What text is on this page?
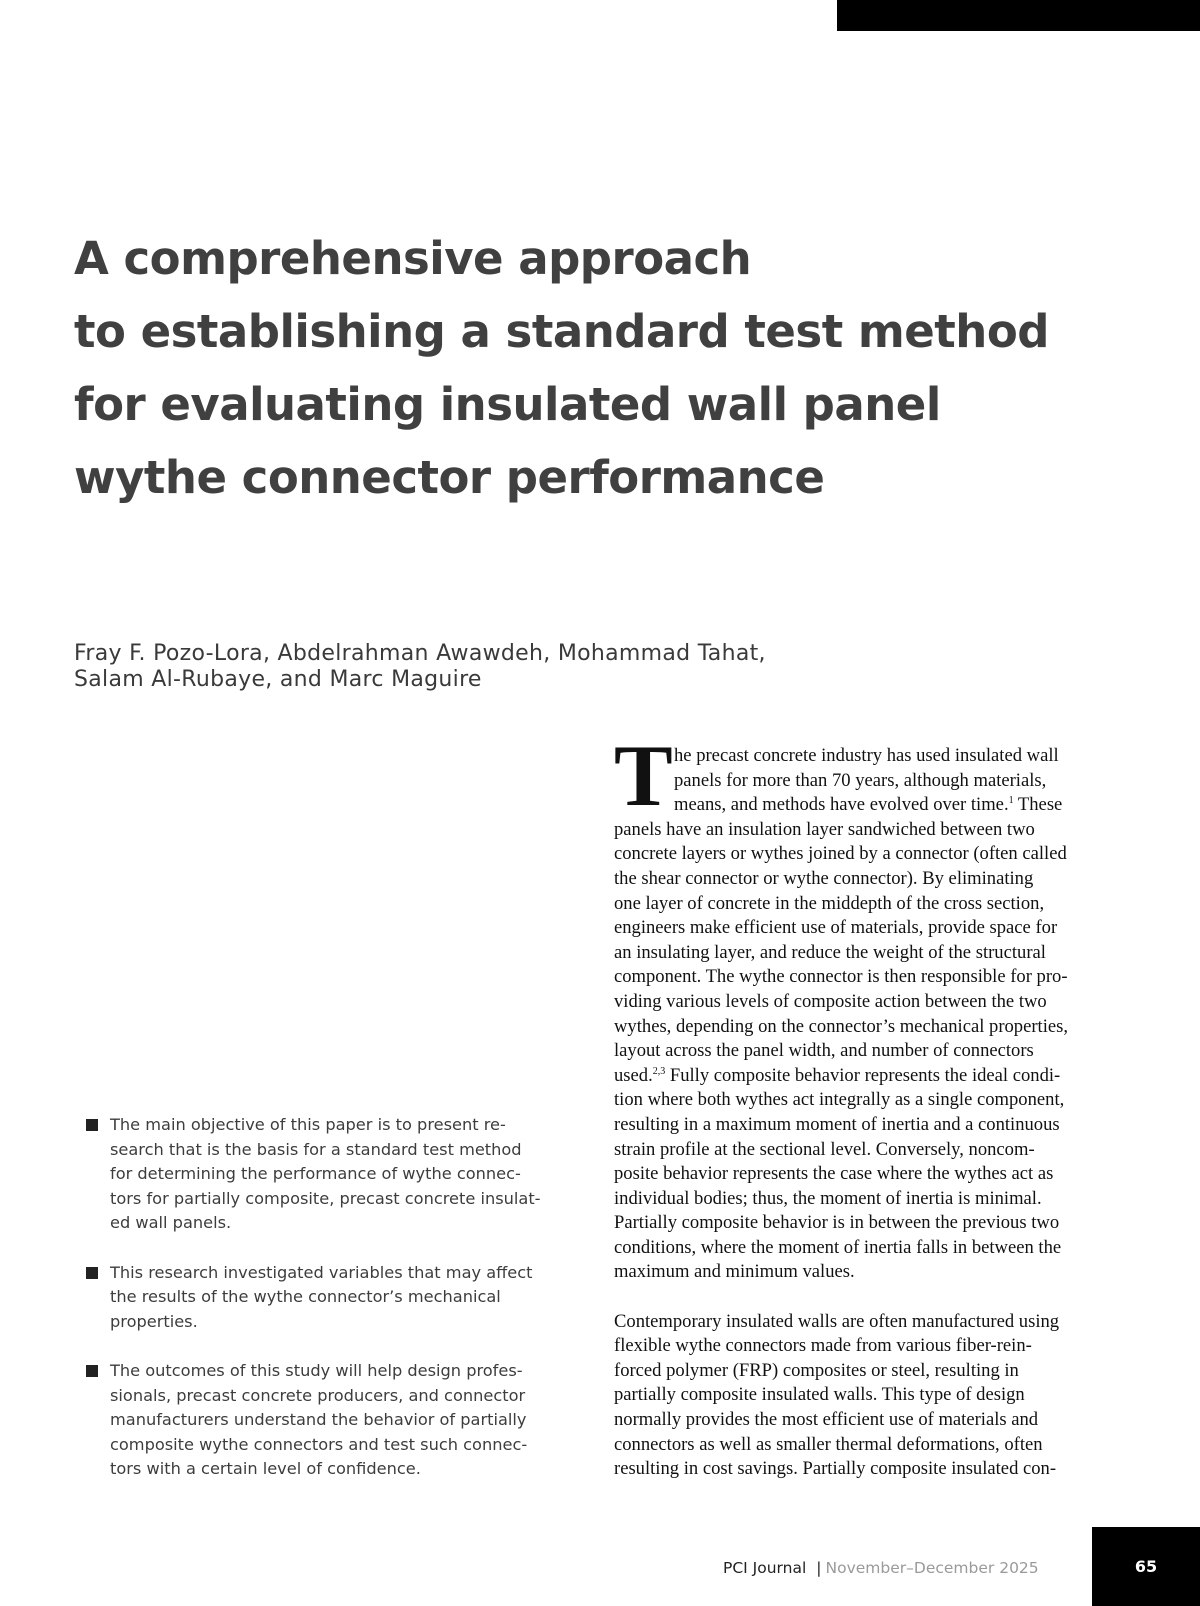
A comprehensive approach
to establishing a standard test method
for evaluating insulated wall panel
wythe connector performance
Fray F. Pozo-Lora, Abdelrahman Awawdeh, Mohammad Tahat,
Salam Al-Rubaye, and Marc Maguire
The main objective of this paper is to present re-
search that is the basis for a standard test method
for determining the performance of wythe connec-
tors for partially composite, precast concrete insulat-
ed wall panels.
This research investigated variables that may affect
the results of the wythe connector’s mechanical
properties.
The outcomes of this study will help design profes-
sionals, precast concrete producers, and connector
manufacturers understand the behavior of partially
composite wythe connectors and test such connec-
tors with a certain level of confidence.
T he precast concrete industry has used insulated wall
panels for more than 70 years, although materials,
means, and methods have evolved over time.$^1$ These
panels have an insulation layer sandwiched between two
concrete layers or wythes joined by a connector (often called
the shear connector or wythe connector). By eliminating
one layer of concrete in the middepth of the cross section,
engineers make efficient use of materials, provide space for
an insulating layer, and reduce the weight of the structural
component. The wythe connector is then responsible for pro-
viding various levels of composite action between the two
wythes, depending on the connector’s mechanical properties,
layout across the panel width, and number of connectors
used.$^{2,3}$ Fully composite behavior represents the ideal condi-
tion where both wythes act integrally as a single component,
resulting in a maximum moment of inertia and a continuous
strain profile at the sectional level. Conversely, noncom-
posite behavior represents the case where the wythes act as
individual bodies; thus, the moment of inertia is minimal.
Partially composite behavior is in between the previous two
conditions, where the moment of inertia falls in between the
maximum and minimum values.
Contemporary insulated walls are often manufactured using
flexible wythe connectors made from various fiber-rein-
forced polymer (FRP) composites or steel, resulting in
partially composite insulated walls. This type of design
normally provides the most efficient use of materials and
connectors as well as smaller thermal deformations, often
resulting in cost savings. Partially composite insulated con-
PCI Journal | November–December 2025	65
